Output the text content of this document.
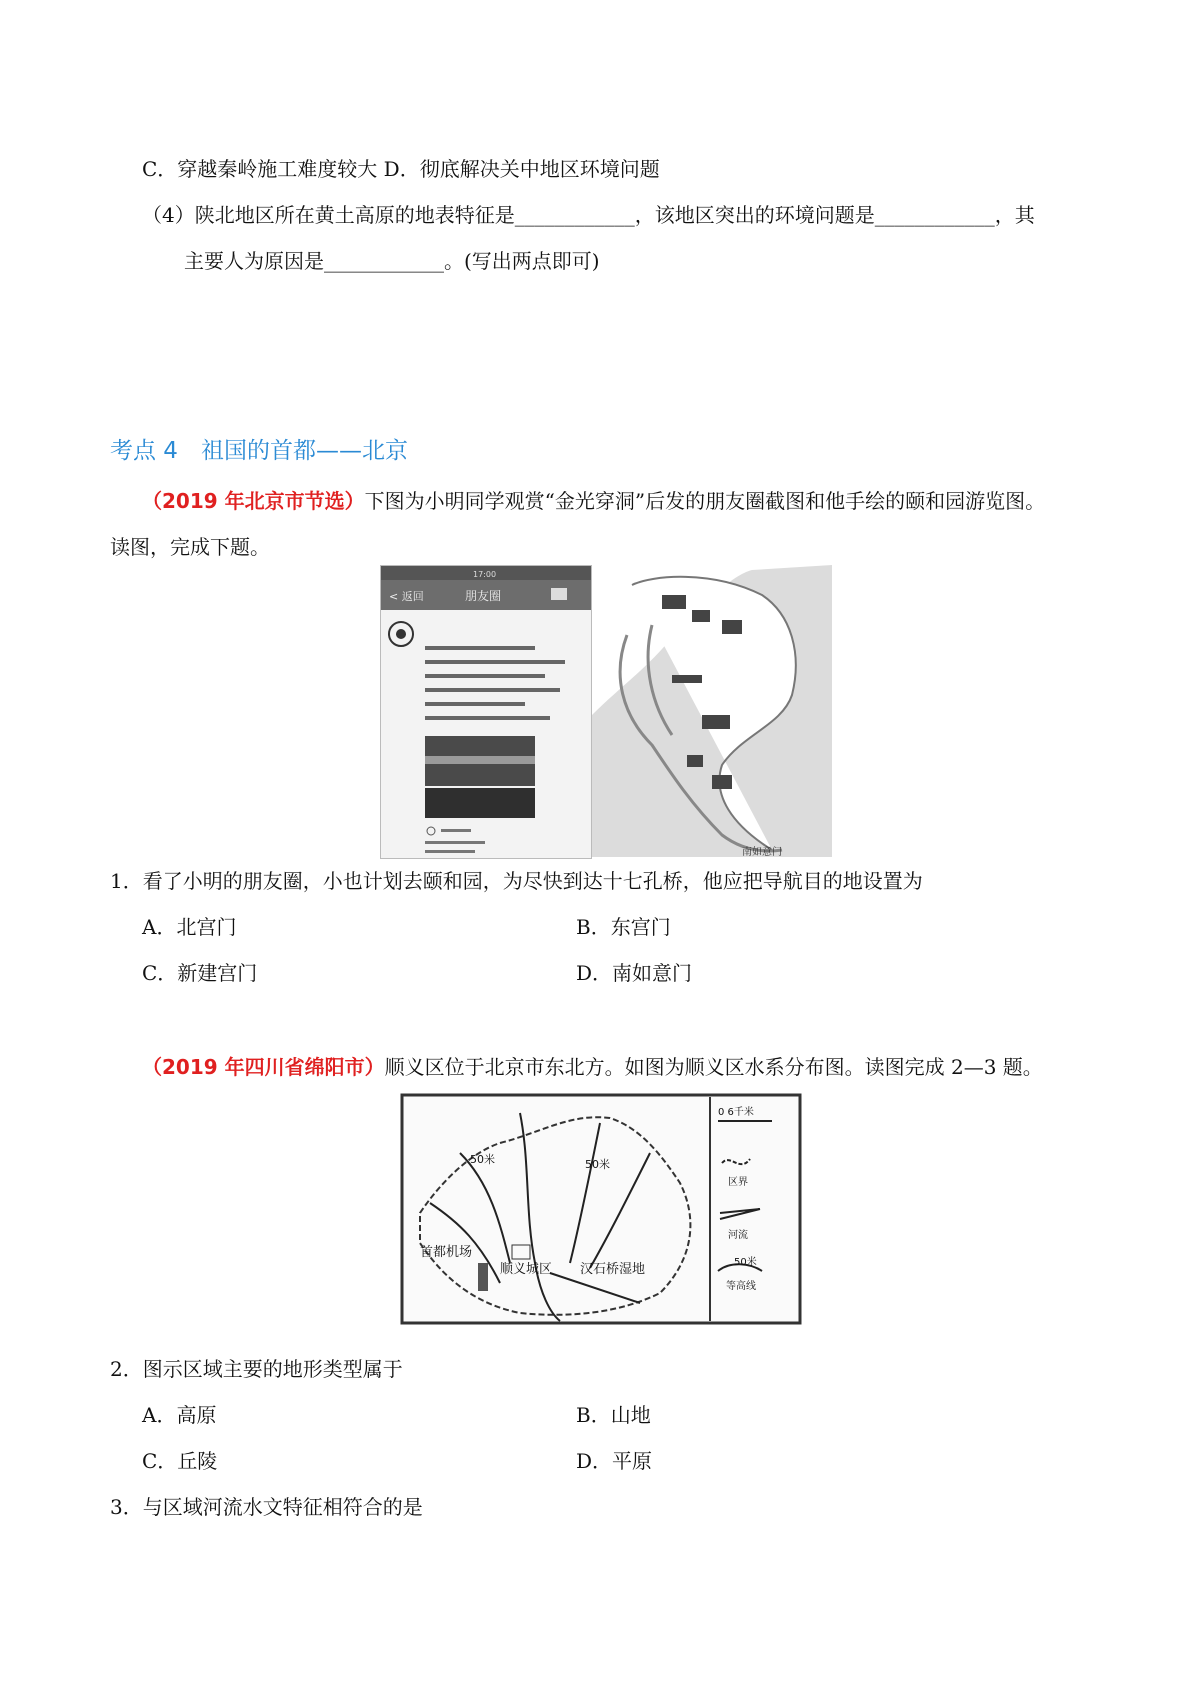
C．穿越秦岭施工难度较大 D．彻底解决关中地区环境问题
（4）陕北地区所在黄土高原的地表特征是____________，该地区突出的环境问题是____________，其
主要人为原因是____________。(写出两点即可)
考点 4　祖国的首都——北京
（2019 年北京市节选）下图为小明同学观赏“金光穿洞”后发的朋友圈截图和他手绘的颐和园游览图。
读图，完成下题。
< 返回	朋友圈
17:00
南如意门
1．看了小明的朋友圈，小也计划去颐和园，为尽快到达十七孔桥，他应把导航目的地设置为
A．北宫门	B．东宫门
C．新建宫门	D．南如意门
（2019 年四川省绵阳市）顺义区位于北京市东北方。如图为顺义区水系分布图。读图完成 2—3 题。
50米	50米
首都机场
顺义城区 汉石桥湿地
0 6千米
区界
河流
50米
等高线
2．图示区域主要的地形类型属于
A．高原	B．山地
C．丘陵	D．平原
3．与区域河流水文特征相符合的是
